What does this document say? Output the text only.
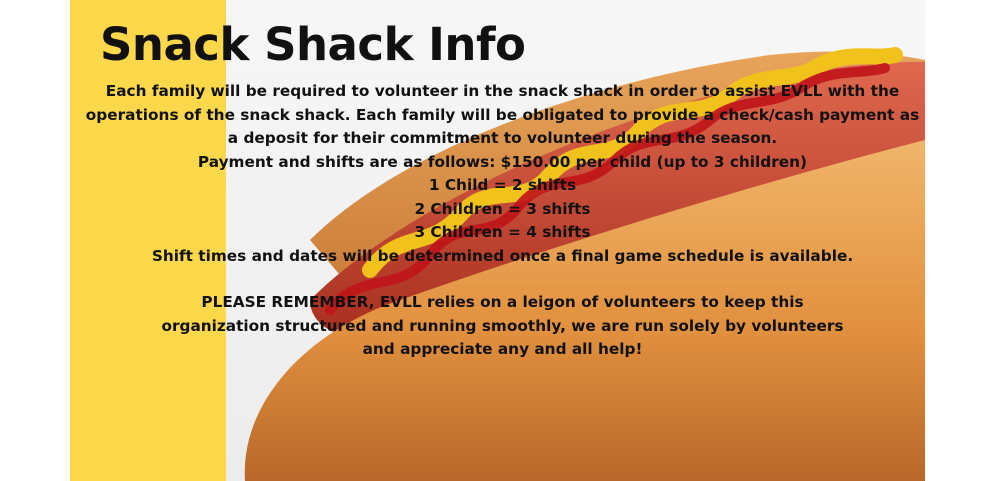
Snack Shack Info

Each family will be required to volunteer in the snack shack in order to assist EVLL with the operations of the snack shack. Each family will be obligated to provide a check/cash payment as a deposit for their commitment to volunteer during the season.

Payment and shifts are as follows: $150.00 per child (up to 3 children)

1 Child = 2 shifts

2 Children = 3 shifts

3 Children = 4 shifts

Shift times and dates will be determined once a final game schedule is available.

PLEASE REMEMBER, EVLL relies on a leigon of volunteers to keep this organization structured and running smoothly, we are run solely by volunteers and appreciate any and all help!
